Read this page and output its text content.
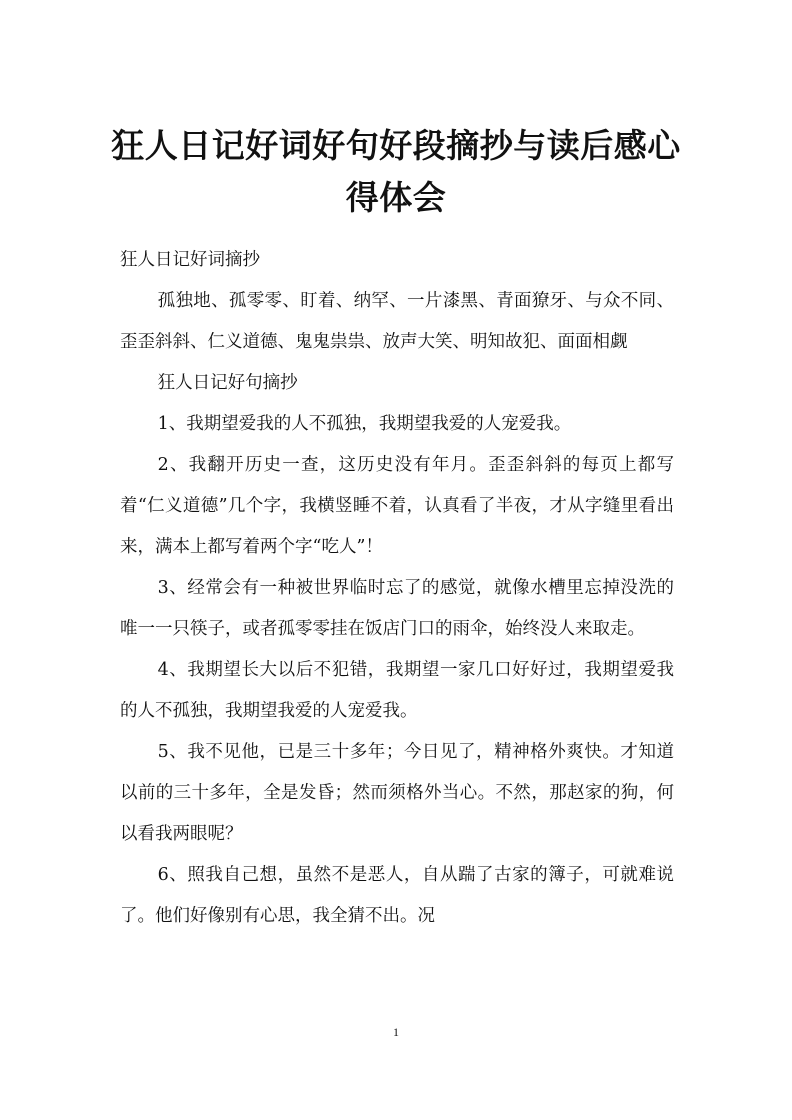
狂人日记好词好句好段摘抄与读后感心得体会

狂人日记好词摘抄

孤独地、孤零零、盯着、纳罕、一片漆黑、青面獠牙、与众不同、歪歪斜斜、仁义道德、鬼鬼祟祟、放声大笑、明知故犯、面面相觑

狂人日记好句摘抄

1、我期望爱我的人不孤独，我期望我爱的人宠爱我。

2、我翻开历史一查，这历史没有年月。歪歪斜斜的每页上都写着“仁义道德”几个字，我横竖睡不着，认真看了半夜，才从字缝里看出来，满本上都写着两个字“吃人”！

3、经常会有一种被世界临时忘了的感觉，就像水槽里忘掉没洗的唯一一只筷子，或者孤零零挂在饭店门口的雨伞，始终没人来取走。

4、我期望长大以后不犯错，我期望一家几口好好过，我期望爱我的人不孤独，我期望我爱的人宠爱我。

5、我不见他，已是三十多年；今日见了，精神格外爽快。才知道以前的三十多年，全是发昏；然而须格外当心。不然，那赵家的狗，何以看我两眼呢？

6、照我自己想，虽然不是恶人，自从踹了古家的簿子，可就难说了。他们好像别有心思，我全猜不出。况

1
